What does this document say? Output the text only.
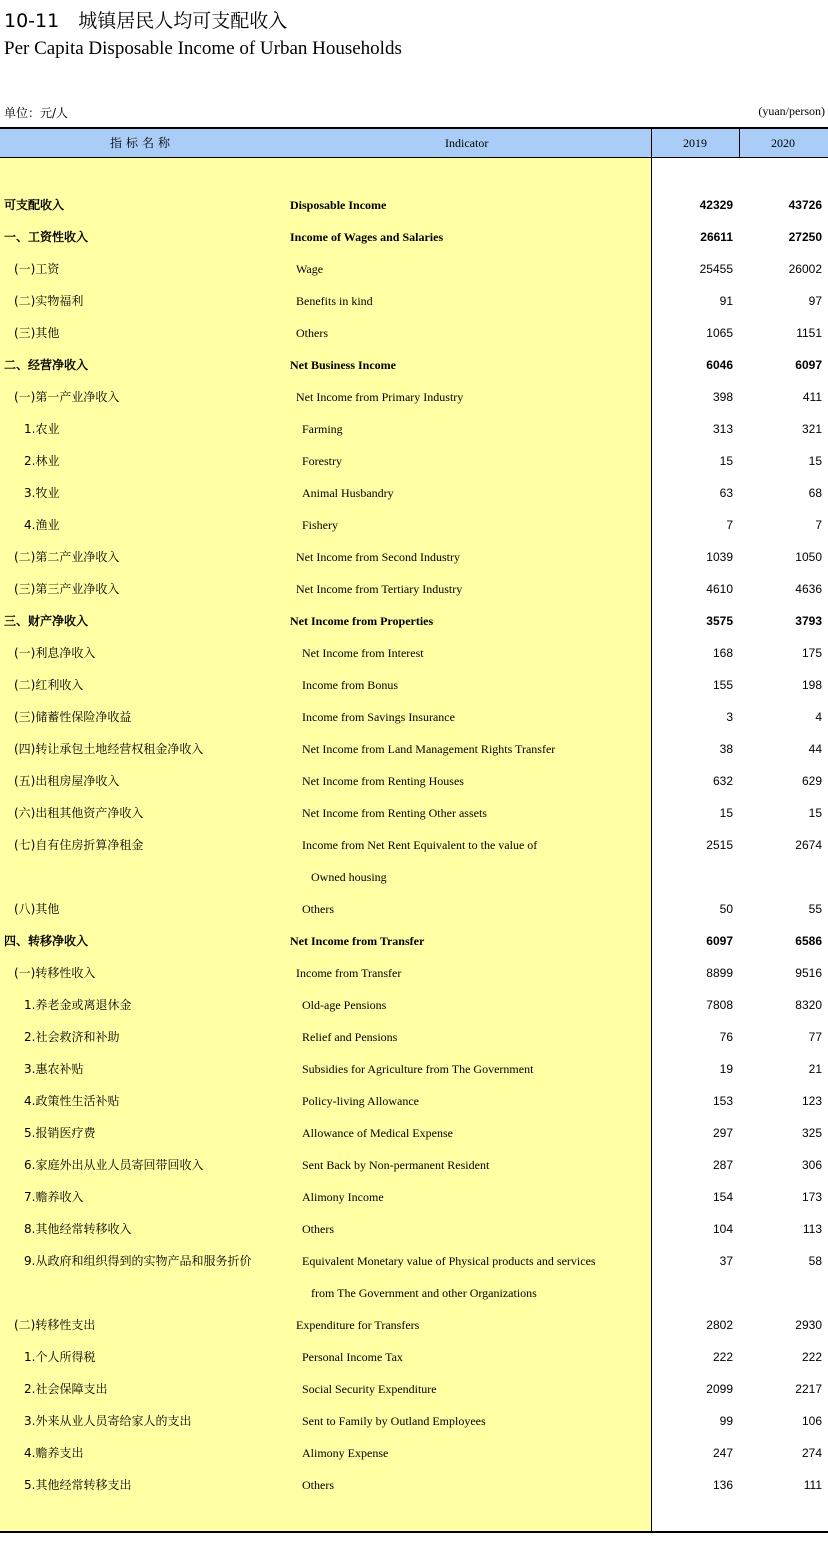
10-11　城镇居民人均可支配收入
Per Capita Disposable Income of Urban Households
单位：元/人	(yuan/person)
指标名称	Indicator	2019	2020
可支配收入	Disposable Income	42329	43726
一、工资性收入	Income of Wages and Salaries	26611	27250
(一)工资	Wage	25455	26002
(二)实物福利	Benefits in kind	91	97
(三)其他	Others	1065	1151
二、经营净收入	Net Business Income	6046	6097
(一)第一产业净收入	Net Income from Primary Industry	398	411
1.农业	Farming	313	321
2.林业	Forestry	15	15
3.牧业	Animal Husbandry	63	68
4.渔业	Fishery	7	7
(二)第二产业净收入	Net Income from Second Industry	1039	1050
(三)第三产业净收入	Net Income from Tertiary Industry	4610	4636
三、财产净收入	Net Income from Properties	3575	3793
(一)利息净收入	Net Income from Interest	168	175
(二)红利收入	Income from Bonus	155	198
(三)储蓄性保险净收益	Income from Savings Insurance	3	4
(四)转让承包土地经营权租金净收入	Net Income from Land Management Rights Transfer	38	44
(五)出租房屋净收入	Net Income from Renting Houses	632	629
(六)出租其他资产净收入	Net Income from Renting Other assets	15	15
(七)自有住房折算净租金	Income from Net Rent Equivalent to the value of	2515	2674
Owned housing
(八)其他	Others	50	55
四、转移净收入	Net Income from Transfer	6097	6586
(一)转移性收入	Income from Transfer	8899	9516
1.养老金或离退休金	Old-age Pensions	7808	8320
2.社会救济和补助	Relief and Pensions	76	77
3.惠农补贴	Subsidies for Agriculture from The Government	19	21
4.政策性生活补贴	Policy-living Allowance	153	123
5.报销医疗费	Allowance of Medical Expense	297	325
6.家庭外出从业人员寄回带回收入	Sent Back by Non-permanent Resident	287	306
7.赡养收入	Alimony Income	154	173
8.其他经常转移收入	Others	104	113
9.从政府和组织得到的实物产品和服务折价	Equivalent Monetary value of Physical products and services	37	58
from The Government and other Organizations
(二)转移性支出	Expenditure for Transfers	2802	2930
1.个人所得税	Personal Income Tax	222	222
2.社会保障支出	Social Security Expenditure	2099	2217
3.外来从业人员寄给家人的支出	Sent to Family by Outland Employees	99	106
4.赡养支出	Alimony Expense	247	274
5.其他经常转移支出	Others	136	111
